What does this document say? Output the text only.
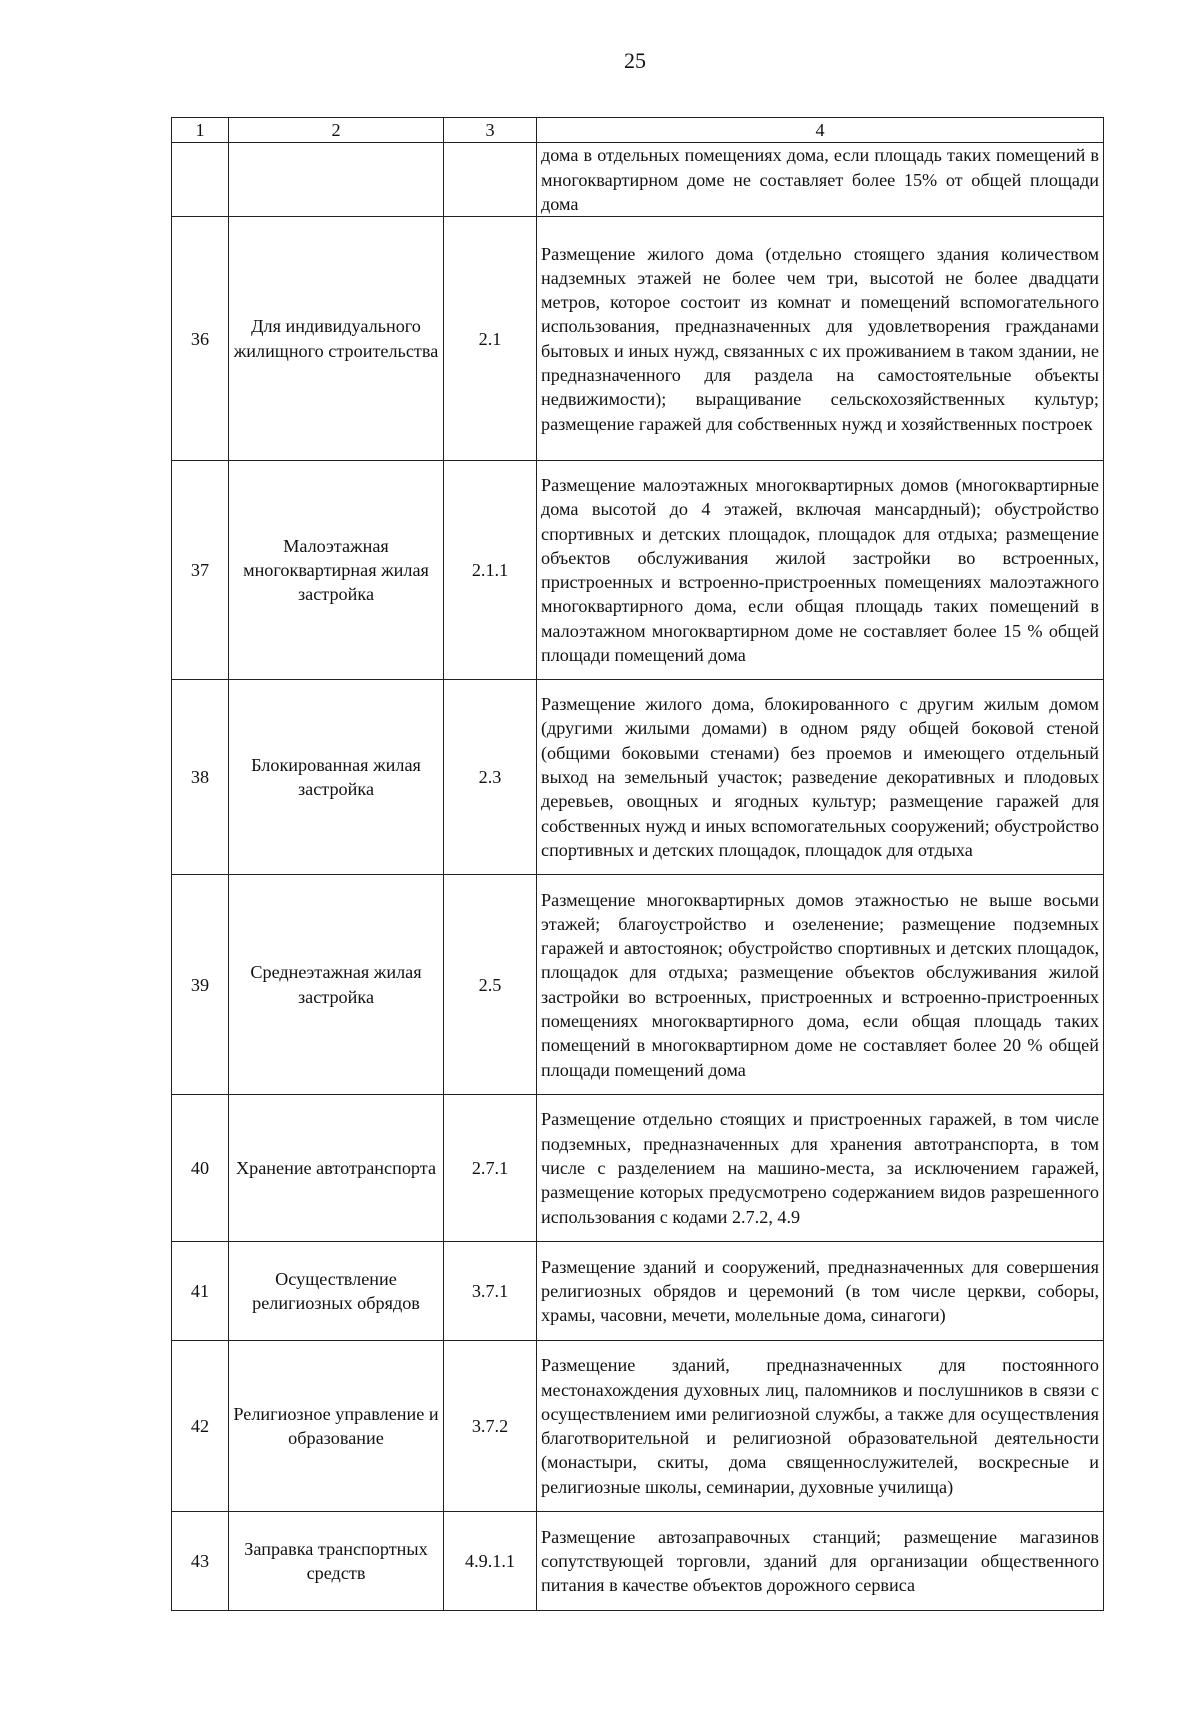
25
1	2	3	4
			дома в отдельных помещениях дома, если площадь таких помещений в многоквартирном доме не составляет более 15% от общей площади дома
36	Для индивидуального жилищного строительства	2.1	Размещение жилого дома (отдельно стоящего здания количеством надземных этажей не более чем три, высотой не более двадцати метров, которое состоит из комнат и помещений вспомогательного использования, предназначенных для удовлетворения гражданами бытовых и иных нужд, связанных с их проживанием в таком здании, не предназначенного для раздела на самостоятельные объекты недвижимости); выращивание сельскохозяйственных культур; размещение гаражей для собственных нужд и хозяйственных построек
37	Малоэтажная многоквартирная жилая застройка	2.1.1	Размещение малоэтажных многоквартирных домов (многоквартирные дома высотой до 4 этажей, включая мансардный); обустройство спортивных и детских площадок, площадок для отдыха; размещение объектов обслуживания жилой застройки во встроенных, пристроенных и встроенно-пристроенных помещениях малоэтажного многоквартирного дома, если общая площадь таких помещений в малоэтажном многоквартирном доме не составляет более 15 % общей площади помещений дома
38	Блокированная жилая застройка	2.3	Размещение жилого дома, блокированного с другим жилым домом (другими жилыми домами) в одном ряду общей боковой стеной (общими боковыми стенами) без проемов и имеющего отдельный выход на земельный участок; разведение декоративных и плодовых деревьев, овощных и ягодных культур; размещение гаражей для собственных нужд и иных вспомогательных сооружений; обустройство спортивных и детских площадок, площадок для отдыха
39	Среднеэтажная жилая застройка	2.5	Размещение многоквартирных домов этажностью не выше восьми этажей; благоустройство и озеленение; размещение подземных гаражей и автостоянок; обустройство спортивных и детских площадок, площадок для отдыха; размещение объектов обслуживания жилой застройки во встроенных, пристроенных и встроенно-пристроенных помещениях многоквартирного дома, если общая площадь таких помещений в многоквартирном доме не составляет более 20 % общей площади помещений дома
40	Хранение автотранспорта	2.7.1	Размещение отдельно стоящих и пристроенных гаражей, в том числе подземных, предназначенных для хранения автотранспорта, в том числе с разделением на машино-места, за исключением гаражей, размещение которых предусмотрено содержанием видов разрешенного использования с кодами 2.7.2, 4.9
41	Осуществление религиозных обрядов	3.7.1	Размещение зданий и сооружений, предназначенных для совершения религиозных обрядов и церемоний (в том числе церкви, соборы, храмы, часовни, мечети, молельные дома, синагоги)
42	Религиозное управление и образование	3.7.2	Размещение зданий, предназначенных для постоянного местонахождения духовных лиц, паломников и послушников в связи с осуществлением ими религиозной службы, а также для осуществления благотворительной и религиозной образовательной деятельности (монастыри, скиты, дома священнослужителей, воскресные и религиозные школы, семинарии, духовные училища)
43	Заправка транспортных средств	4.9.1.1	Размещение автозаправочных станций; размещение магазинов сопутствующей торговли, зданий для организации общественного питания в качестве объектов дорожного сервиса
